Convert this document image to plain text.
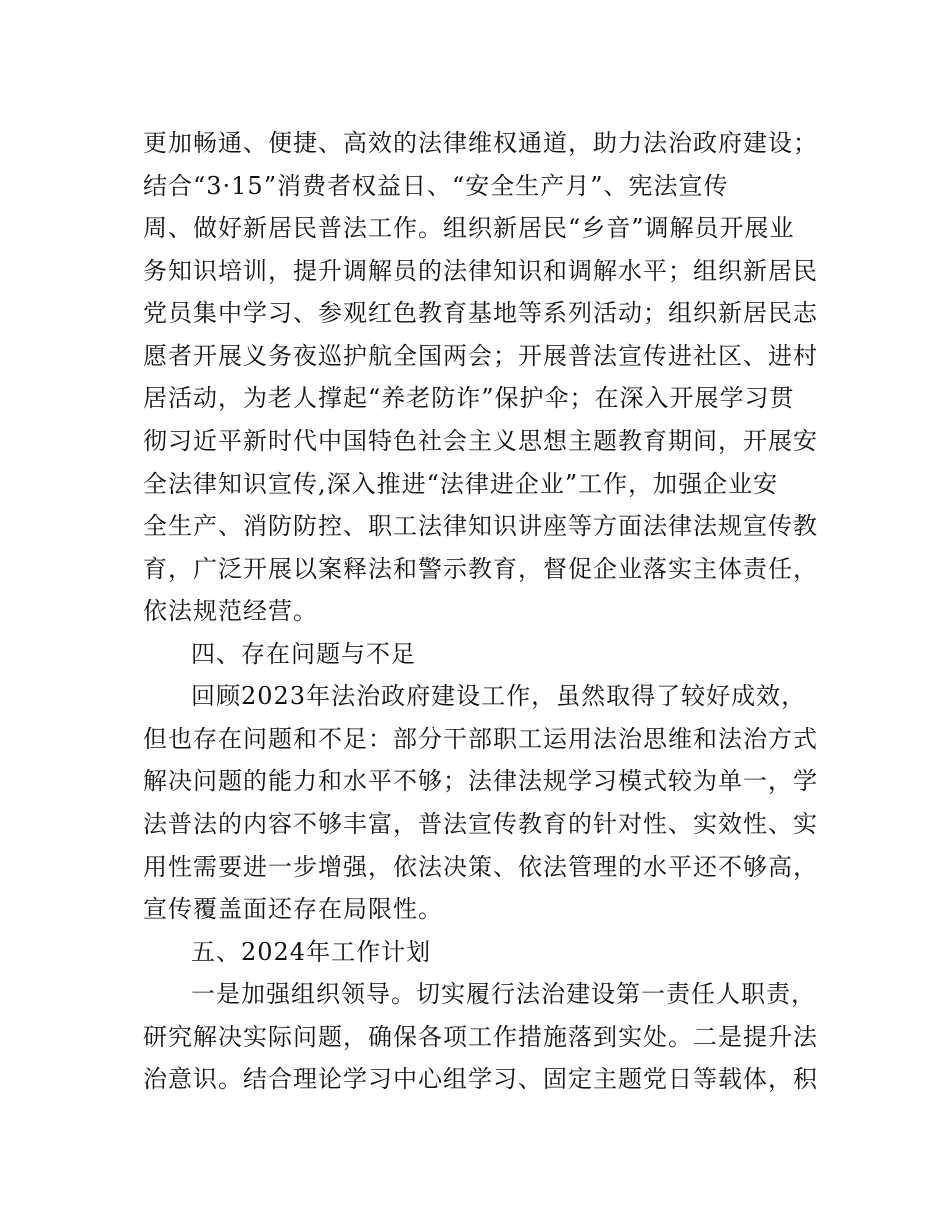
更加畅通、便捷、高效的法律维权通道，助力法治政府建设；
结合“3·15”消费者权益日、“安全生产月”、宪法宣传
周、做好新居民普法工作。组织新居民“乡音”调解员开展业
务知识培训，提升调解员的法律知识和调解水平；组织新居民
党员集中学习、参观红色教育基地等系列活动；组织新居民志
愿者开展义务夜巡护航全国两会；开展普法宣传进社区、进村
居活动，为老人撑起“养老防诈”保护伞；在深入开展学习贯
彻习近平新时代中国特色社会主义思想主题教育期间，开展安
全法律知识宣传,深入推进“法律进企业”工作，加强企业安
全生产、消防防控、职工法律知识讲座等方面法律法规宣传教
育，广泛开展以案释法和警示教育，督促企业落实主体责任，
依法规范经营。
四、存在问题与不足
回顾2023年法治政府建设工作，虽然取得了较好成效，
但也存在问题和不足：部分干部职工运用法治思维和法治方式
解决问题的能力和水平不够；法律法规学习模式较为单一，学
法普法的内容不够丰富，普法宣传教育的针对性、实效性、实
用性需要进一步增强，依法决策、依法管理的水平还不够高，
宣传覆盖面还存在局限性。
五、2024年工作计划
一是加强组织领导。切实履行法治建设第一责任人职责，
研究解决实际问题，确保各项工作措施落到实处。二是提升法
治意识。结合理论学习中心组学习、固定主题党日等载体，积
